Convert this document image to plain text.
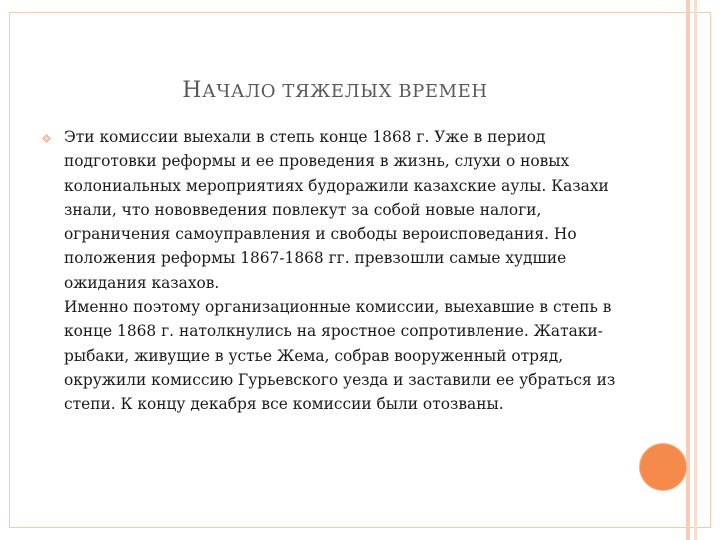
НАЧАЛО ТЯЖЕЛЫХ ВРЕМЕН

Эти комиссии выехали в степь конце 1868 г. Уже в период подготовки реформы и ее проведения в жизнь, слухи о новых колониальных мероприятиях будоражили казахские аулы. Казахи знали, что нововведения повлекут за собой новые налоги, ограничения самоуправления и свободы вероисповедания. Но положения реформы 1867-1868 гг. превзошли самые худшие ожидания казахов.

Именно поэтому организационные комиссии, выехавшие в степь в конце 1868 г. натолкнулись на яростное сопротивление. Жатаки-рыбаки, живущие в устье Жема, собрав вооруженный отряд, окружили комиссию Гурьевского уезда и заставили ее убраться из степи. К концу декабря все комиссии были отозваны.
